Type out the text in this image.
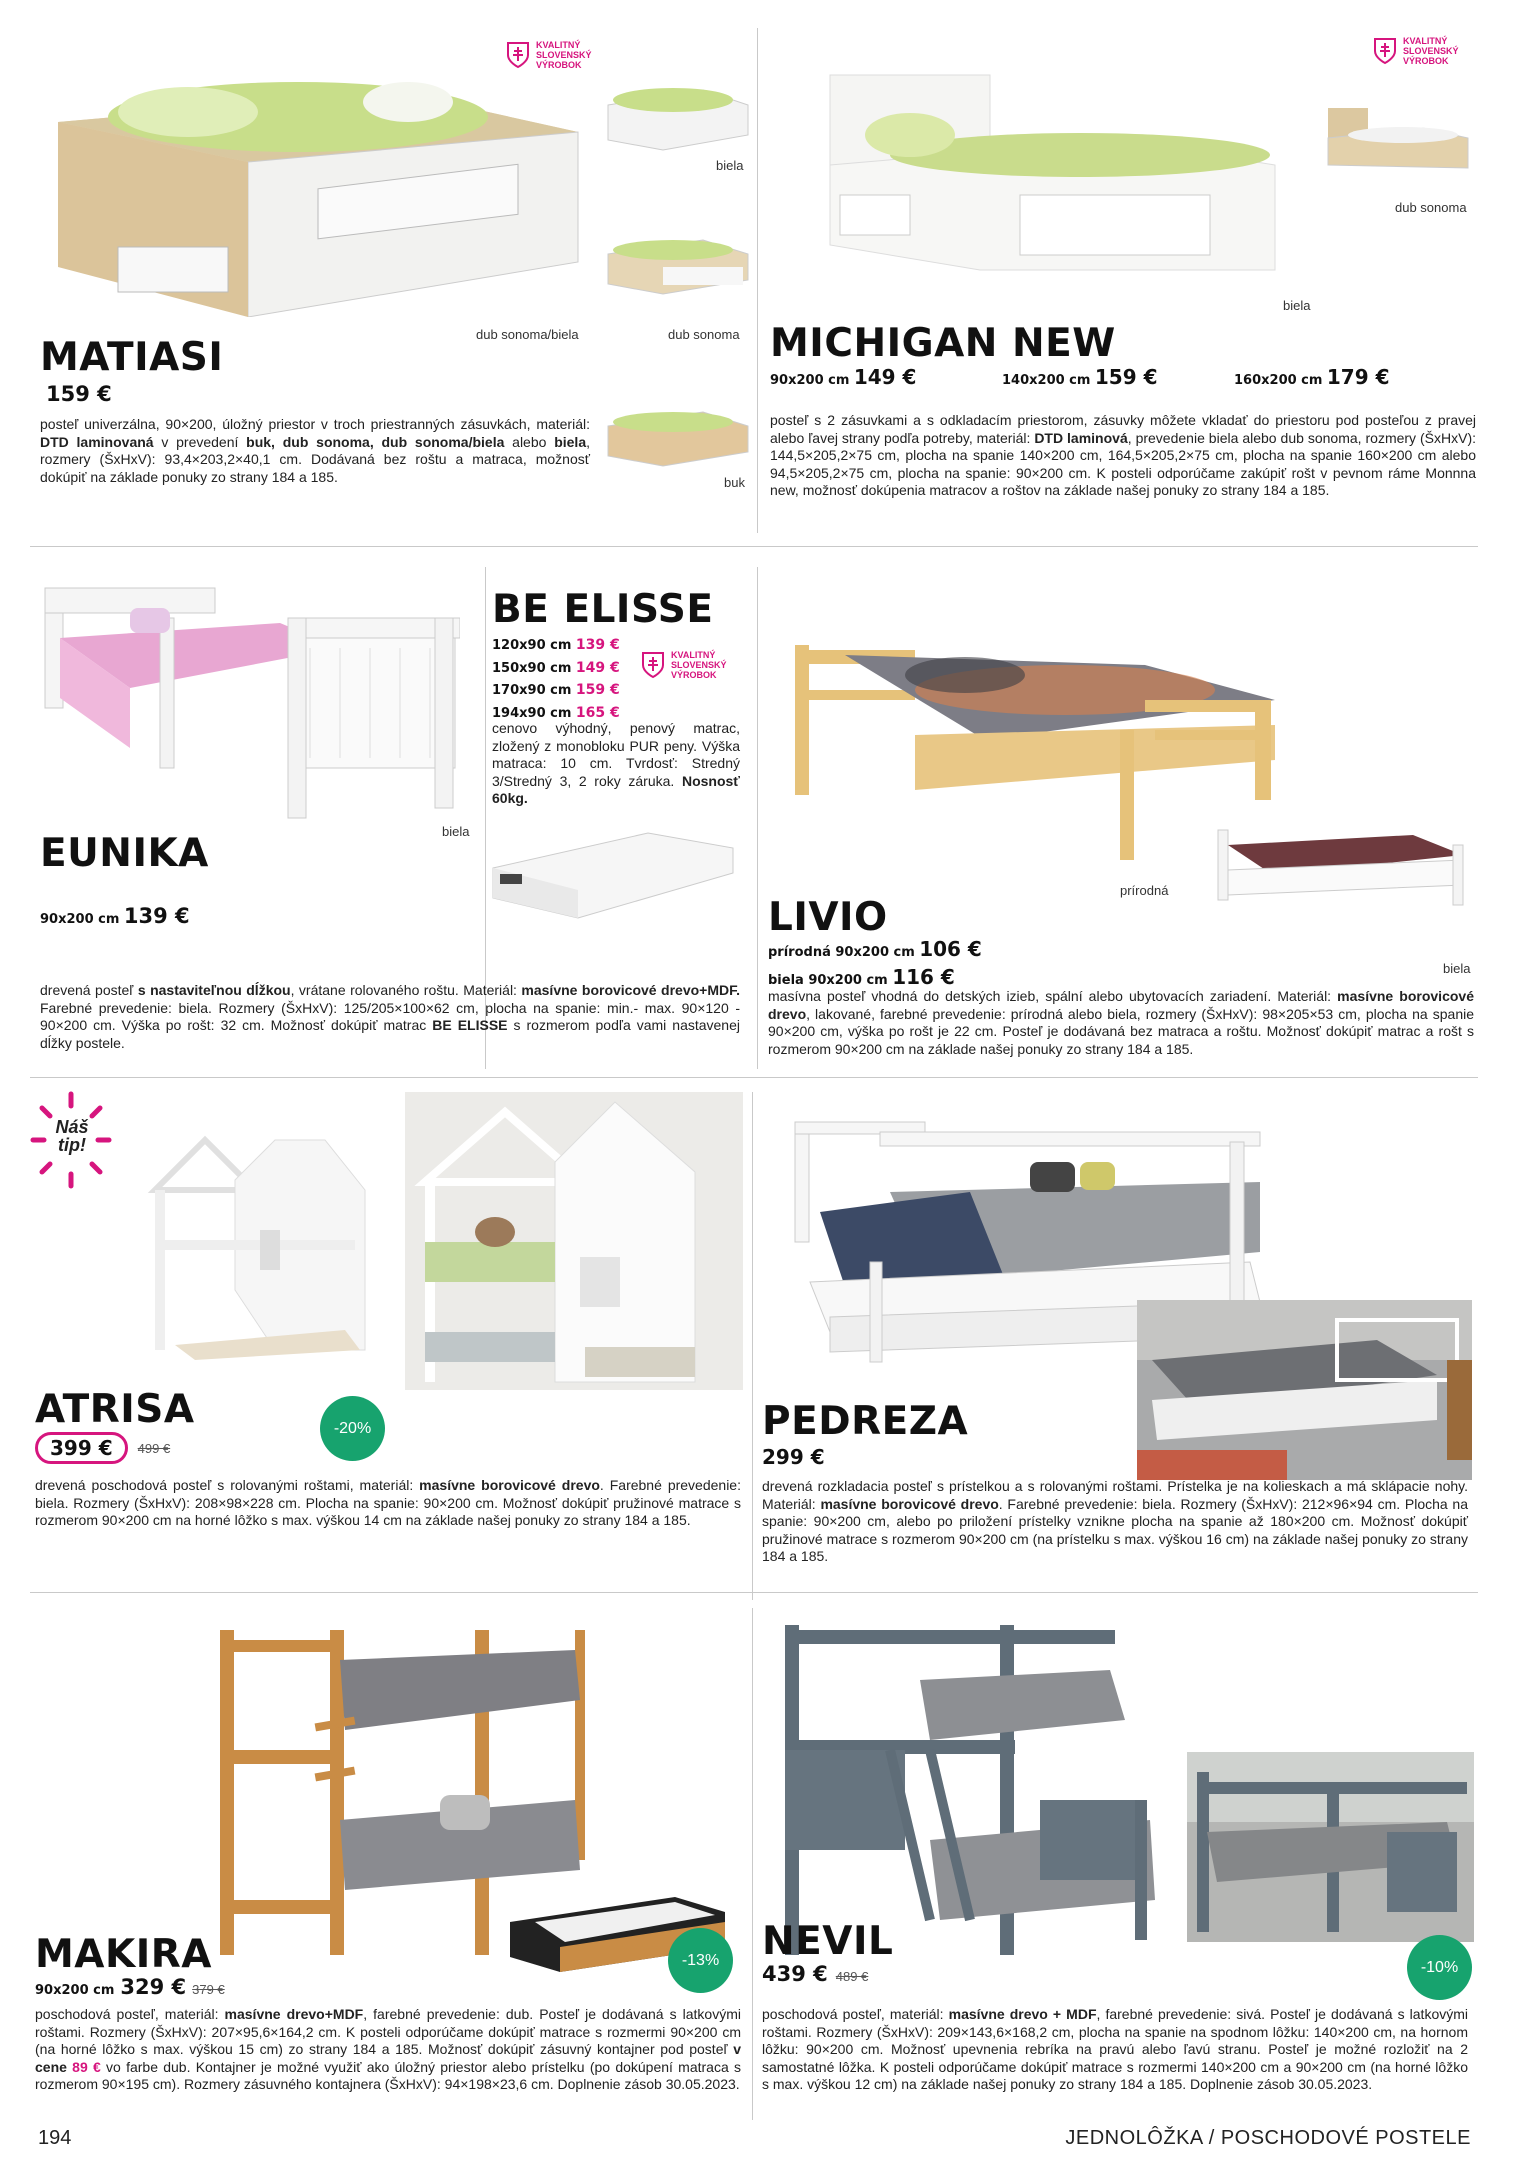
KVALITNÝ
SLOVENSKÝ
VÝROBOK
biela
dub sonoma/biela	dub sonoma
buk
MATIASI
159 €
posteľ univerzálna, 90×200, úložný priestor v troch priestranných zásuvkách, materiál: DTD laminovaná v prevedení buk, dub sonoma, dub sonoma/biela alebo biela, rozmery (ŠxHxV): 93,4×203,2×40,1 cm. Dodávaná bez roštu a matraca, možnosť dokúpiť na základe ponuky zo strany 184 a 185.
KVALITNÝ
SLOVENSKÝ
VÝROBOK
dub sonoma
biela
MICHIGAN NEW
90x200 cm 149 €	140x200 cm 159 €	160x200 cm 179 €
posteľ s 2 zásuvkami a s odkladacím priestorom, zásuvky môžete vkladať do priestoru pod posteľou z pravej alebo ľavej strany podľa potreby, materiál: DTD laminová, prevedenie biela alebo dub sonoma, rozmery (ŠxHxV): 144,5×205,2×75 cm, plocha na spanie 140×200 cm, 164,5×205,2×75 cm, plocha na spanie 160×200 cm alebo 94,5×205,2×75 cm, plocha na spanie: 90×200 cm. K posteli odporúčame zakúpiť rošt v pevnom ráme Monnna new, možnosť dokúpenia matracov a roštov na základe našej ponuky zo strany 184 a 185.
biela
EUNIKA
90x200 cm 139 €
drevená posteľ s nastaviteľnou dĺžkou, vrátane rolovaného roštu. Materiál: masívne borovicové drevo+MDF. Farebné prevedenie: biela. Rozmery (ŠxHxV): 125/205×100×62 cm, plocha na spanie: min.- max. 90×120 - 90×200 cm. Výška po rošt: 32 cm. Možnosť dokúpiť matrac BE ELISSE s rozmerom podľa vami nastavenej dĺžky postele.
BE ELISSE
120x90 cm 139 €
150x90 cm 149 €
170x90 cm 159 €
194x90 cm 165 €
KVALITNÝ
SLOVENSKÝ
VÝROBOK
cenovo výhodný, penový matrac, zložený z monobloku PUR peny. Výška matraca: 10 cm. Tvrdosť: Stredný 3/Stredný 3, 2 roky záruka. Nosnosť 60kg.
prírodná
biela
LIVIO
prírodná 90x200 cm 106 €
biela 90x200 cm 116 €
masívna posteľ vhodná do detských izieb, spální alebo ubytovacích zariadení. Materiál: masívne borovicové drevo, lakované, farebné prevedenie: prírodná alebo biela, rozmery (ŠxHxV): 98×205×53 cm, plocha na spanie 90×200 cm, výška po rošt je 22 cm. Posteľ je dodávaná bez matraca a roštu. Možnosť dokúpiť matrac a rošt s rozmerom 90×200 cm na základe našej ponuky zo strany 184 a 185.
Náš
tip!
ATRISA
399 €	499 €
-20%
drevená poschodová posteľ s rolovanými roštami, materiál: masívne borovicové drevo. Farebné prevedenie: biela. Rozmery (ŠxHxV): 208×98×228 cm. Plocha na spanie: 90×200 cm. Možnosť dokúpiť pružinové matrace s rozmerom 90×200 cm na horné lôžko s max. výškou 14 cm na základe našej ponuky zo strany 184 a 185.
PEDREZA
299 €
drevená rozkladacia posteľ s prístelkou a s rolovanými roštami. Prístelka je na kolieskach a má sklápacie nohy. Materiál: masívne borovicové drevo. Farebné prevedenie: biela. Rozmery (ŠxHxV): 212×96×94 cm. Plocha na spanie: 90×200 cm, alebo po priložení prístelky vznikne plocha na spanie až 180×200 cm. Možnosť dokúpiť pružinové matrace s rozmerom 90×200 cm (na prístelku s max. výškou 16 cm) na základe našej ponuky zo strany 184 a 185.
-13%
MAKIRA
90x200 cm 329 € 379 €
poschodová posteľ, materiál: masívne drevo+MDF, farebné prevedenie: dub. Posteľ je dodávaná s latkovými roštami. Rozmery (ŠxHxV): 207×95,6×164,2 cm. K posteli odporúčame dokúpiť matrace s rozmermi 90×200 cm (na horné lôžko s max. výškou 15 cm) zo strany 184 a 185. Možnosť dokúpiť zásuvný kontajner pod posteľ v cene 89 € vo farbe dub. Kontajner je možné využiť ako úložný priestor alebo prístelku (po dokúpení matraca s rozmerom 90×195 cm). Rozmery zásuvného kontajnera (ŠxHxV): 94×198×23,6 cm. Doplnenie zásob 30.05.2023.
NEVIL
439 € 489 €
-10%
poschodová posteľ, materiál: masívne drevo + MDF, farebné prevedenie: sivá. Posteľ je dodávaná s latkovými roštami. Rozmery (ŠxHxV): 209×143,6×168,2 cm, plocha na spanie na spodnom lôžku: 140×200 cm, na hornom lôžku: 90×200 cm. Možnosť upevnenia rebríka na pravú alebo ľavú stranu. Posteľ je možné rozložiť na 2 samostatné lôžka. K posteli odporúčame dokúpiť matrace s rozmermi 140×200 cm a 90×200 cm (na horné lôžko s max. výškou 12 cm) na základe našej ponuky zo strany 184 a 185. Doplnenie zásob 30.05.2023.
194	JEDNOLÔŽKA / POSCHODOVÉ POSTELE
